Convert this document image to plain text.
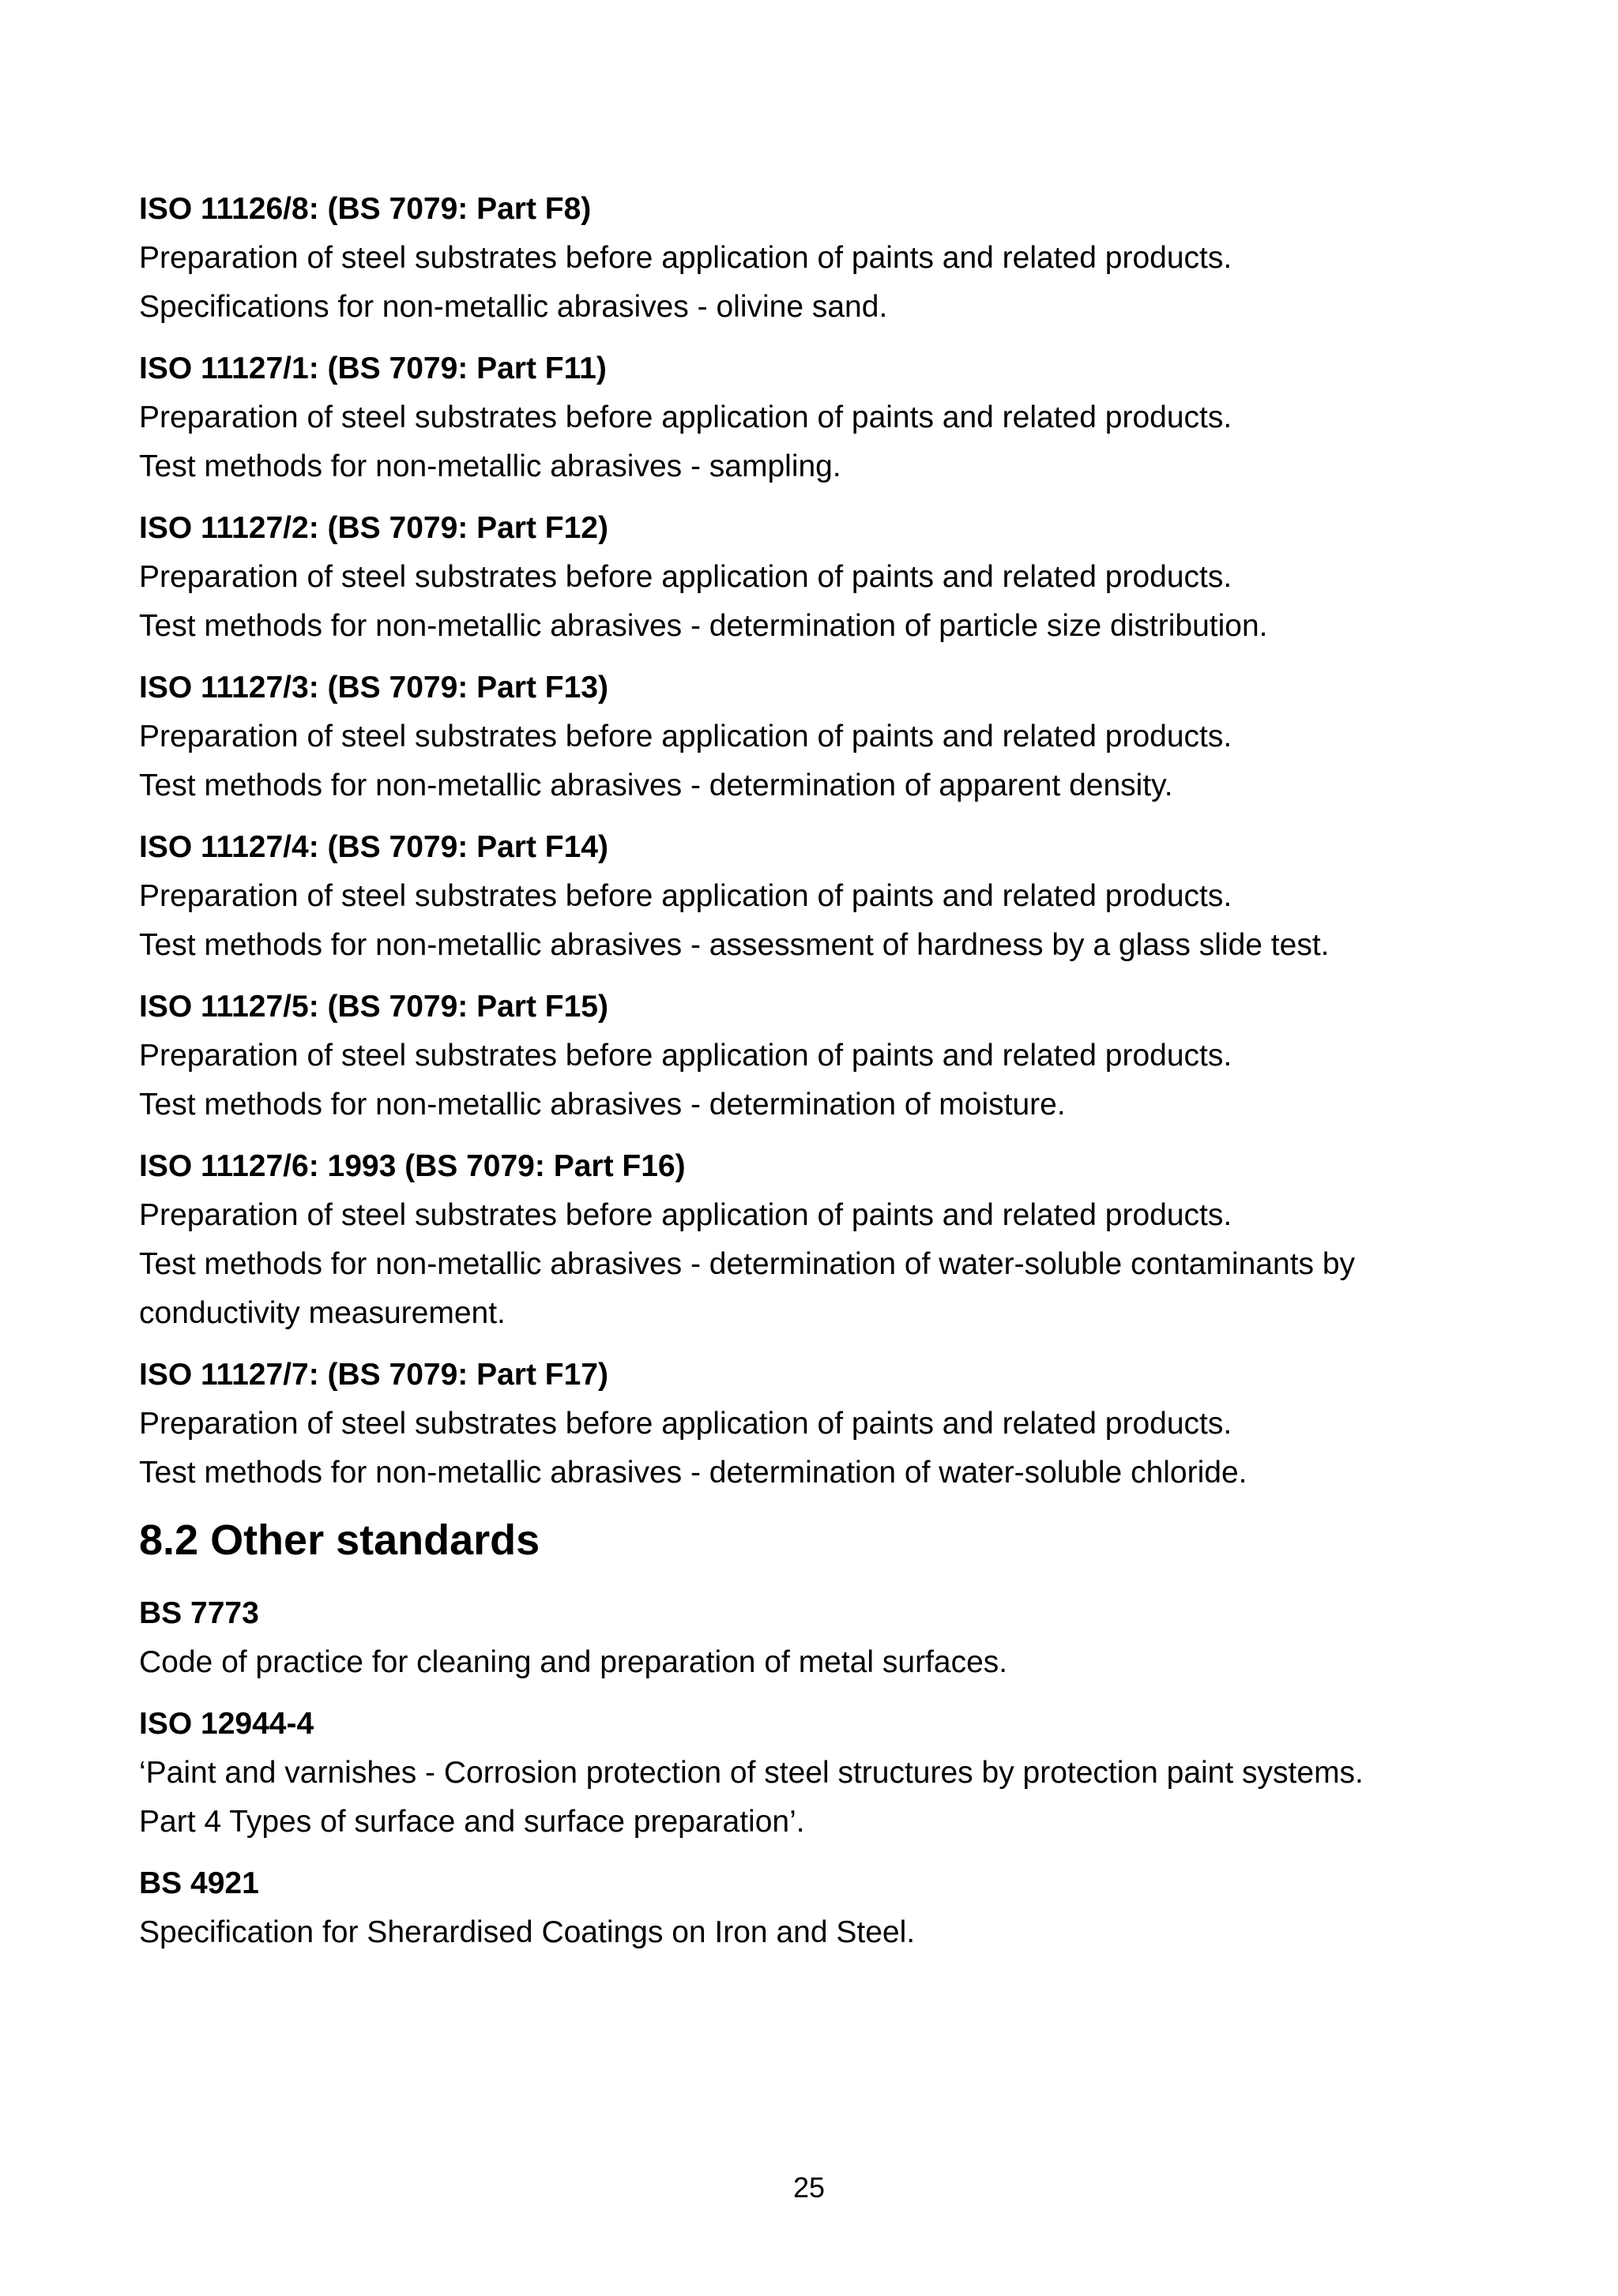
ISO 11126/8: (BS 7079: Part F8)

Preparation of steel substrates before application of paints and related products.

Specifications for non-metallic abrasives - olivine sand.

ISO 11127/1: (BS 7079: Part F11)

Preparation of steel substrates before application of paints and related products.

Test methods for non-metallic abrasives - sampling.

ISO 11127/2: (BS 7079: Part F12)

Preparation of steel substrates before application of paints and related products.

Test methods for non-metallic abrasives - determination of particle size distribution.

ISO 11127/3: (BS 7079: Part F13)

Preparation of steel substrates before application of paints and related products.

Test methods for non-metallic abrasives - determination of apparent density.

ISO 11127/4: (BS 7079: Part F14)

Preparation of steel substrates before application of paints and related products.

Test methods for non-metallic abrasives - assessment of hardness by a glass slide test.

ISO 11127/5: (BS 7079: Part F15)

Preparation of steel substrates before application of paints and related products.

Test methods for non-metallic abrasives - determination of moisture.

ISO 11127/6: 1993 (BS 7079: Part F16)

Preparation of steel substrates before application of paints and related products.

Test methods for non-metallic abrasives - determination of water-soluble contaminants by

conductivity measurement.

ISO 11127/7: (BS 7079: Part F17)

Preparation of steel substrates before application of paints and related products.

Test methods for non-metallic abrasives - determination of water-soluble chloride.

8.2 Other standards

BS 7773

Code of practice for cleaning and preparation of metal surfaces.

ISO 12944-4

‘Paint and varnishes - Corrosion protection of steel structures by protection paint systems.

Part 4 Types of surface and surface preparation’.

BS 4921

Specification for Sherardised Coatings on Iron and Steel.

25
